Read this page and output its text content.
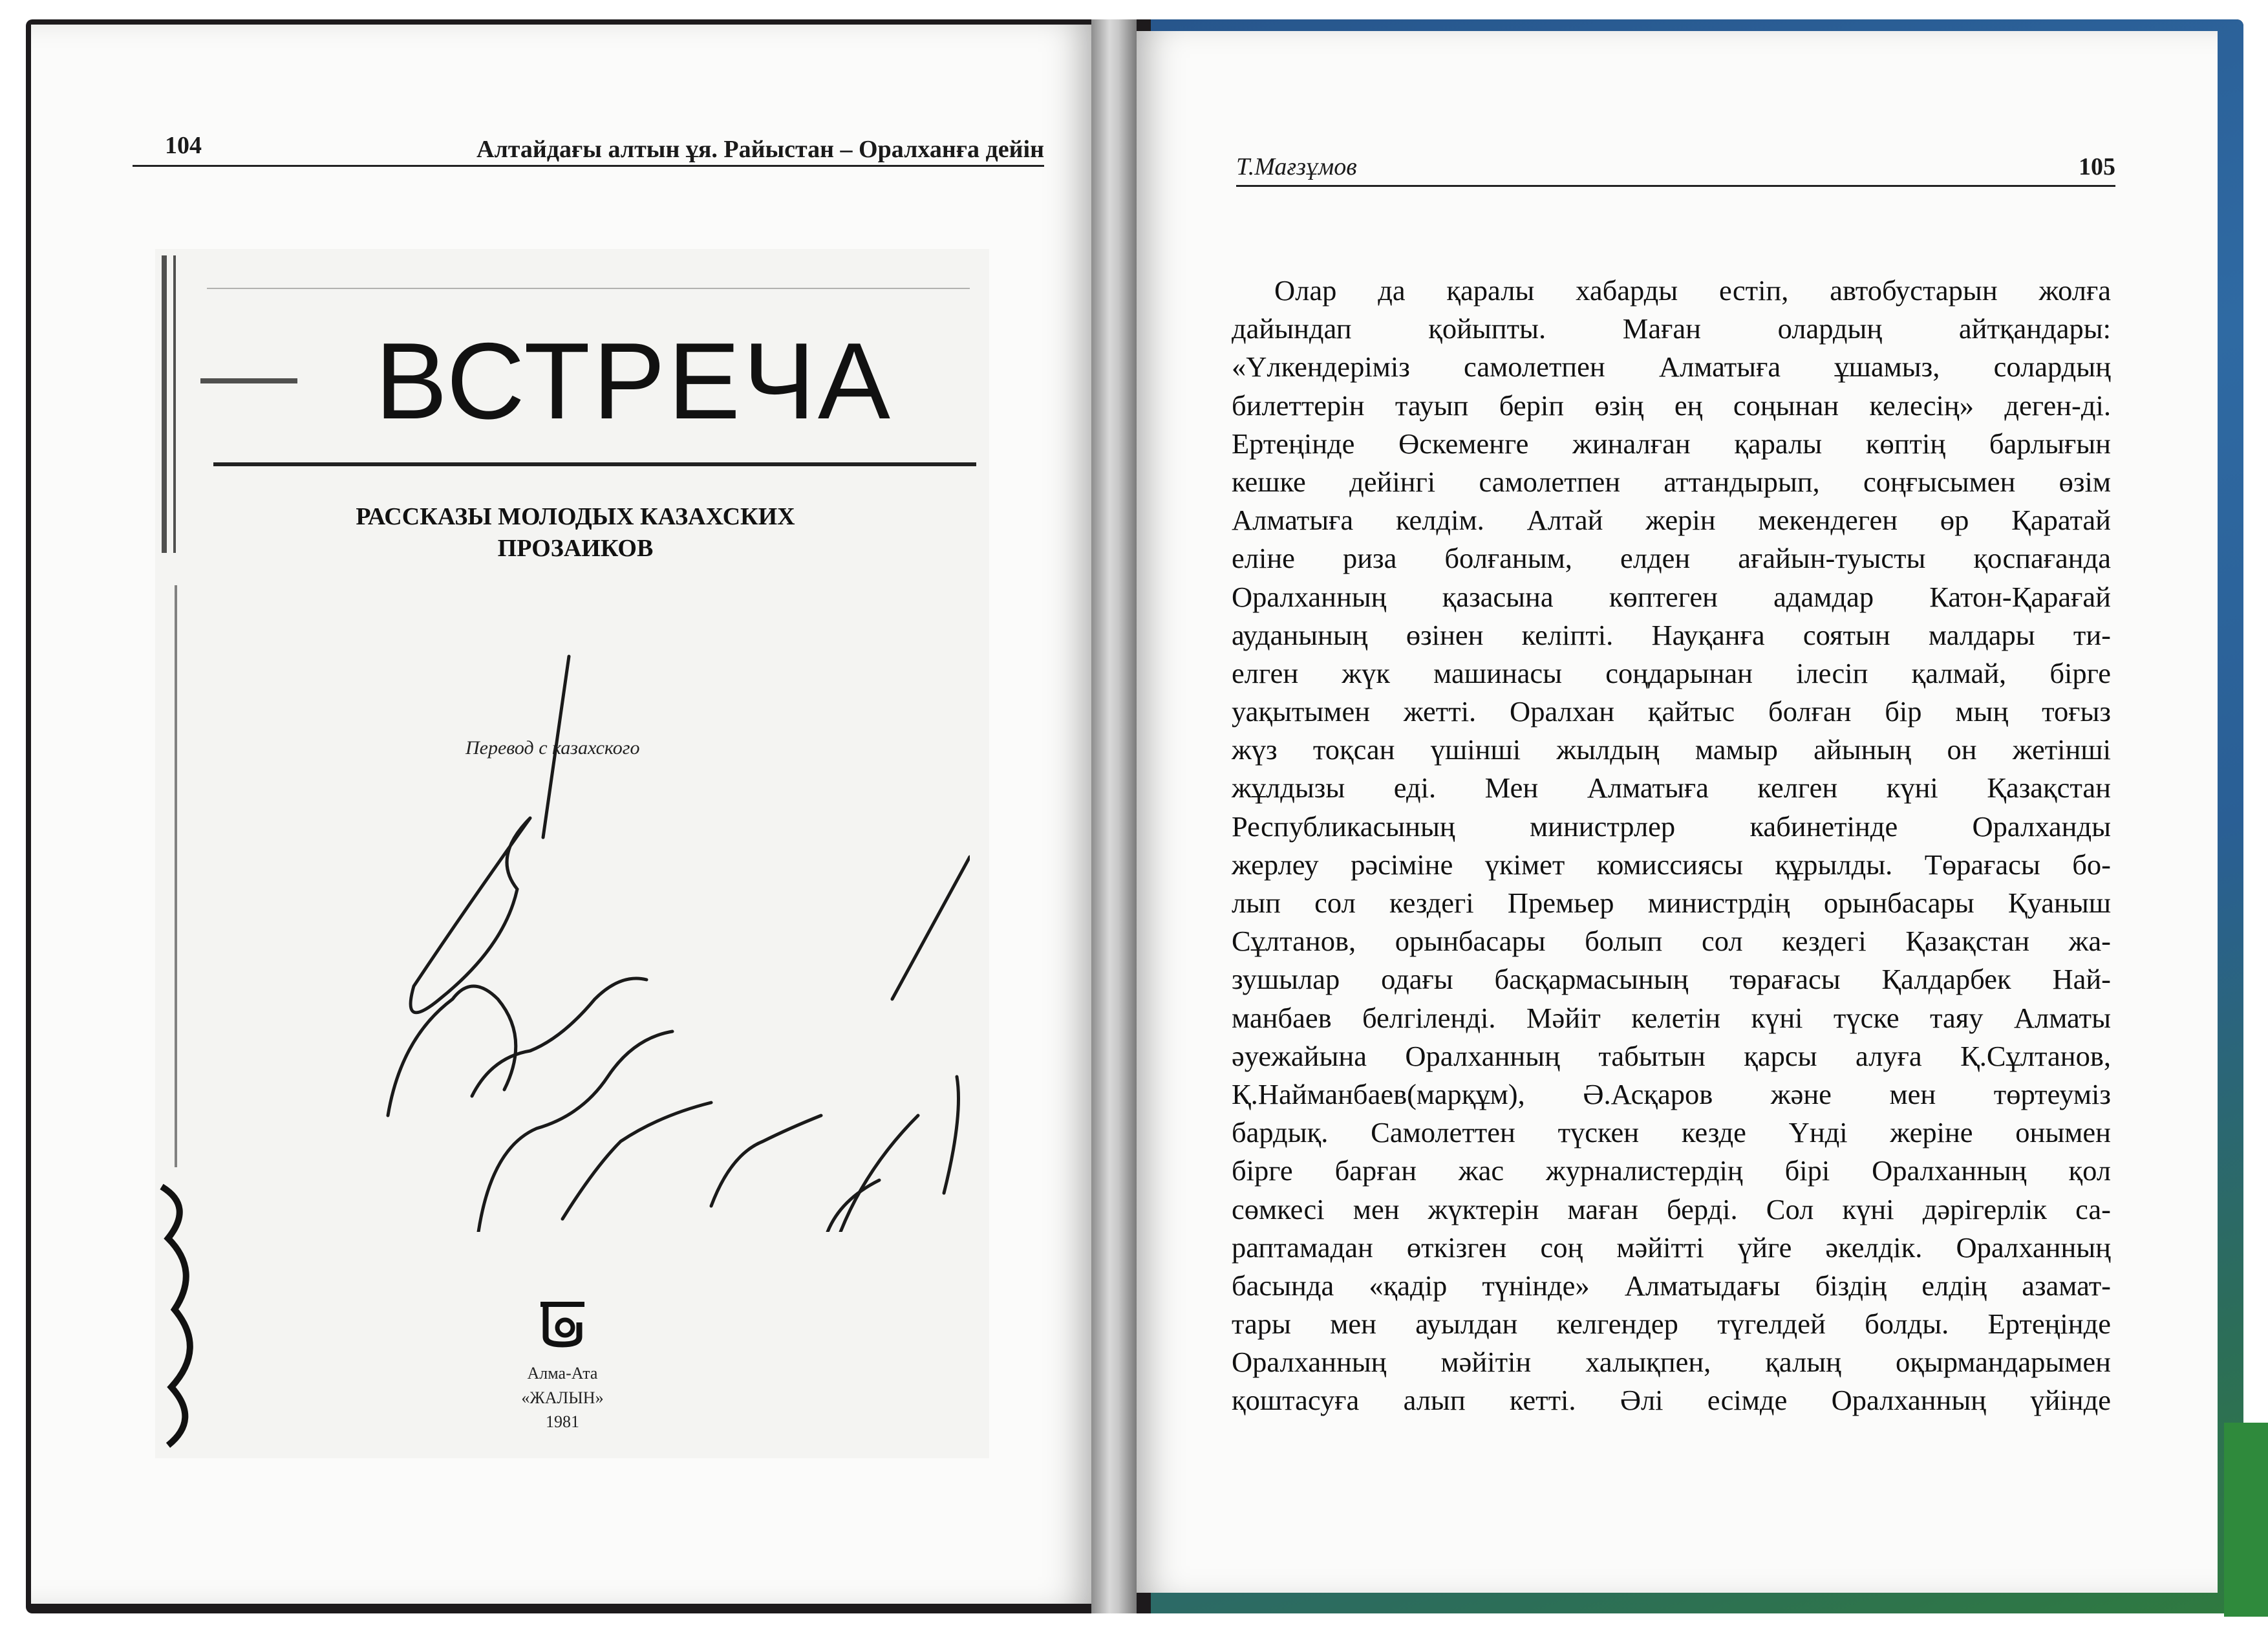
104	Алтайдағы алтын ұя. Райыстан – Оралханға дейін
ВСТРЕЧА
РАССКАЗЫ МОЛОДЫХ КАЗАХСКИХ
ПРОЗАИКОВ
Перевод с казахского
Алма-Ата
«ЖАЛЫН»
1981
Т.Мағзұмов	105
Олар да қаралы хабарды естіп, автобустарын жолға
дайындап қойыпты. Маған олардың айтқандары:
«Үлкендеріміз самолетпен Алматыға ұшамыз, солардың
билеттерін тауып беріп өзің ең соңынан келесің» деген-ді.
Ертеңінде Өскеменге жиналған қаралы көптің барлығын
кешке дейінгі самолетпен аттандырып, соңғысымен өзім
Алматыға келдім. Алтай жерін мекендеген өр Қаратай
еліне риза болғаным, елден ағайын-туысты қоспағанда
Оралханның қазасына көптеген адамдар Катон-Қарағай
ауданының өзінен келіпті. Науқанға соятын малдары ти-
елген жүк машинасы соңдарынан ілесіп қалмай, бірге
уақытымен жетті. Оралхан қайтыс болған бір мың тоғыз
жүз тоқсан үшінші жылдың мамыр айының он жетінші
жұлдызы еді. Мен Алматыға келген күні Қазақстан
Республикасының министрлер кабинетінде Оралханды
жерлеу рәсіміне үкімет комиссиясы құрылды. Төрағасы бо-
лып сол кездегі Премьер министрдің орынбасары Қуаныш
Сұлтанов, орынбасары болып сол кездегі Қазақстан жа-
зушылар одағы басқармасының төрағасы Қалдарбек Най-
манбаев белгіленді. Мәйіт келетін күні түске таяу Алматы
әуежайына Оралханның табытын қарсы алуға Қ.Сұлтанов,
Қ.Найманбаев(марқұм), Ә.Асқаров және мен төртеуміз
бардық. Самолеттен түскен кезде Үнді жеріне онымен
бірге барған жас журналистердің бірі Оралханның қол
сөмкесі мен жүктерін маған берді. Сол күні дәрігерлік са-
раптамадан өткізген соң мәйітті үйге әкелдік. Оралханның
басында «қадір түнінде» Алматыдағы біздің елдің азамат-
тары мен ауылдан келгендер түгелдей болды. Ертеңінде
Оралханның мәйітін халықпен, қалың оқырмандарымен
қоштасуға алып кетті. Әлі есімде Оралханның үйінде
